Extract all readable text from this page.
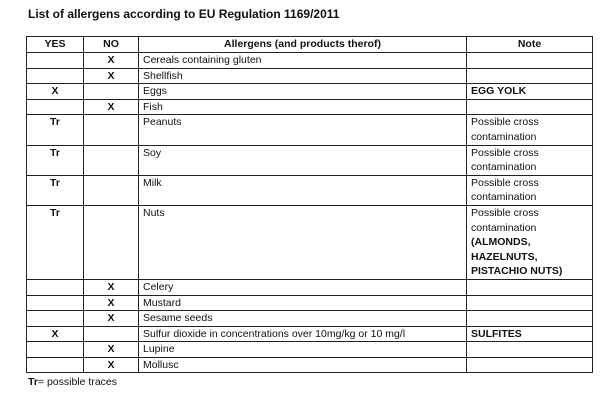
List of allergens according to EU Regulation 1169/2011
YES	NO	Allergens (and products therof)	Note
	X	Cereals containing gluten	
	X	Shellfish	
X		Eggs	EGG YOLK

	X	Fish	
Tr		Peanuts	Possible cross
contamination

Tr		Soy	Possible cross
contamination

Tr		Milk	Possible cross
contamination

Tr		Nuts	Possible cross
contamination
(ALMONDS, HAZELNUTS,
PISTACHIO NUTS)

	X	Celery	
	X	Mustard	
	X	Sesame seeds	
X		Sulfur dioxide in concentrations over 10mg/kg or 10 mg/l	SULFITES

	X	Lupine	
	X	Mollusc	
Tr= possible traces
